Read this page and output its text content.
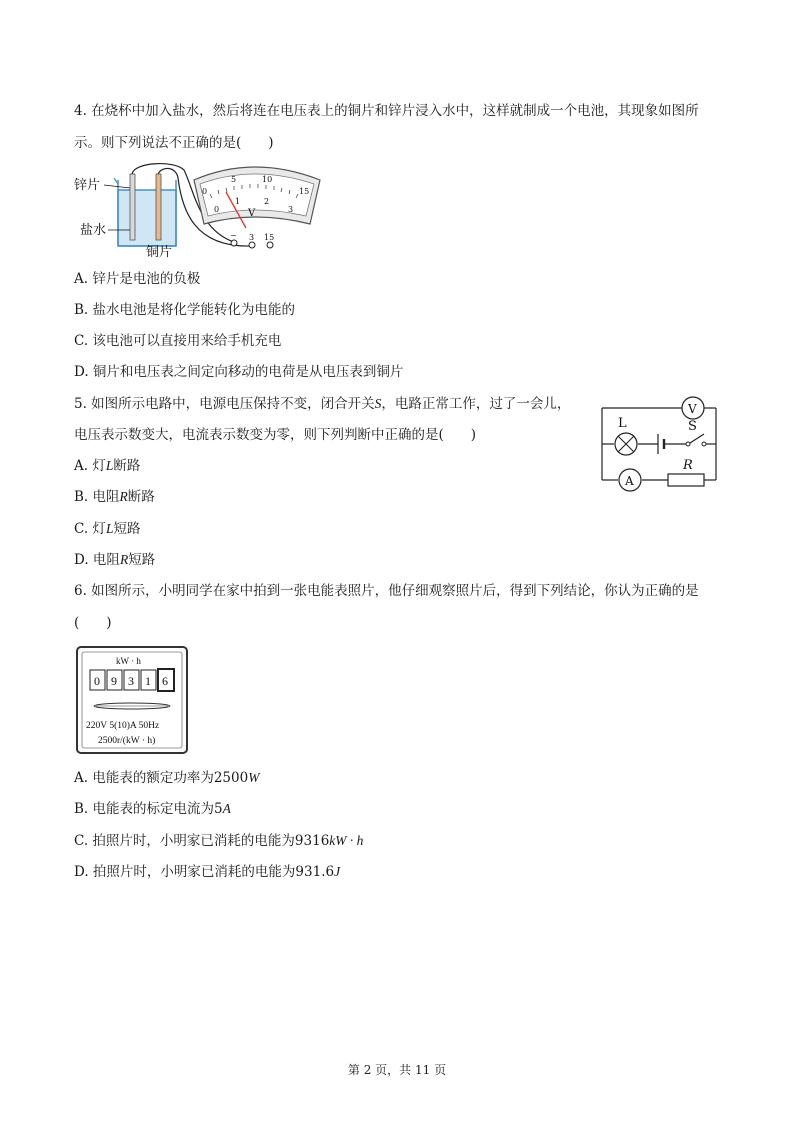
4. 在烧杯中加入盐水，然后将连在电压表上的铜片和锌片浸入水中，这样就制成一个电池，其现象如图所
示。则下列说法不正确的是(　　)
锌片
盐水
铜片
0
5	10
15
0
1	2
3
V
− 3 15
A. 锌片是电池的负极
B. 盐水电池是将化学能转化为电能的
C. 该电池可以直接用来给手机充电
D. 铜片和电压表之间定向移动的电荷是从电压表到铜片
5. 如图所示电路中，电源电压保持不变，闭合开关S，电路正常工作，过了一会儿，
电压表示数变大，电流表示数变为零，则下列判断中正确的是(　　)
V
L	S
A
R
A. 灯L断路
B. 电阻R断路
C. 灯L短路
D. 电阻R短路
6. 如图所示，小明同学在家中拍到一张电能表照片，他仔细观察照片后，得到下列结论，你认为正确的是
(　　)
kW · h
0 9 3 1 6
220V 5(10)A 50Hz
2500r/(kW · h)
A. 电能表的额定功率为2500W
B. 电能表的标定电流为5A
C. 拍照片时，小明家已消耗的电能为9316kW · h
D. 拍照片时，小明家已消耗的电能为931.6J
第 2 页，共 11 页
